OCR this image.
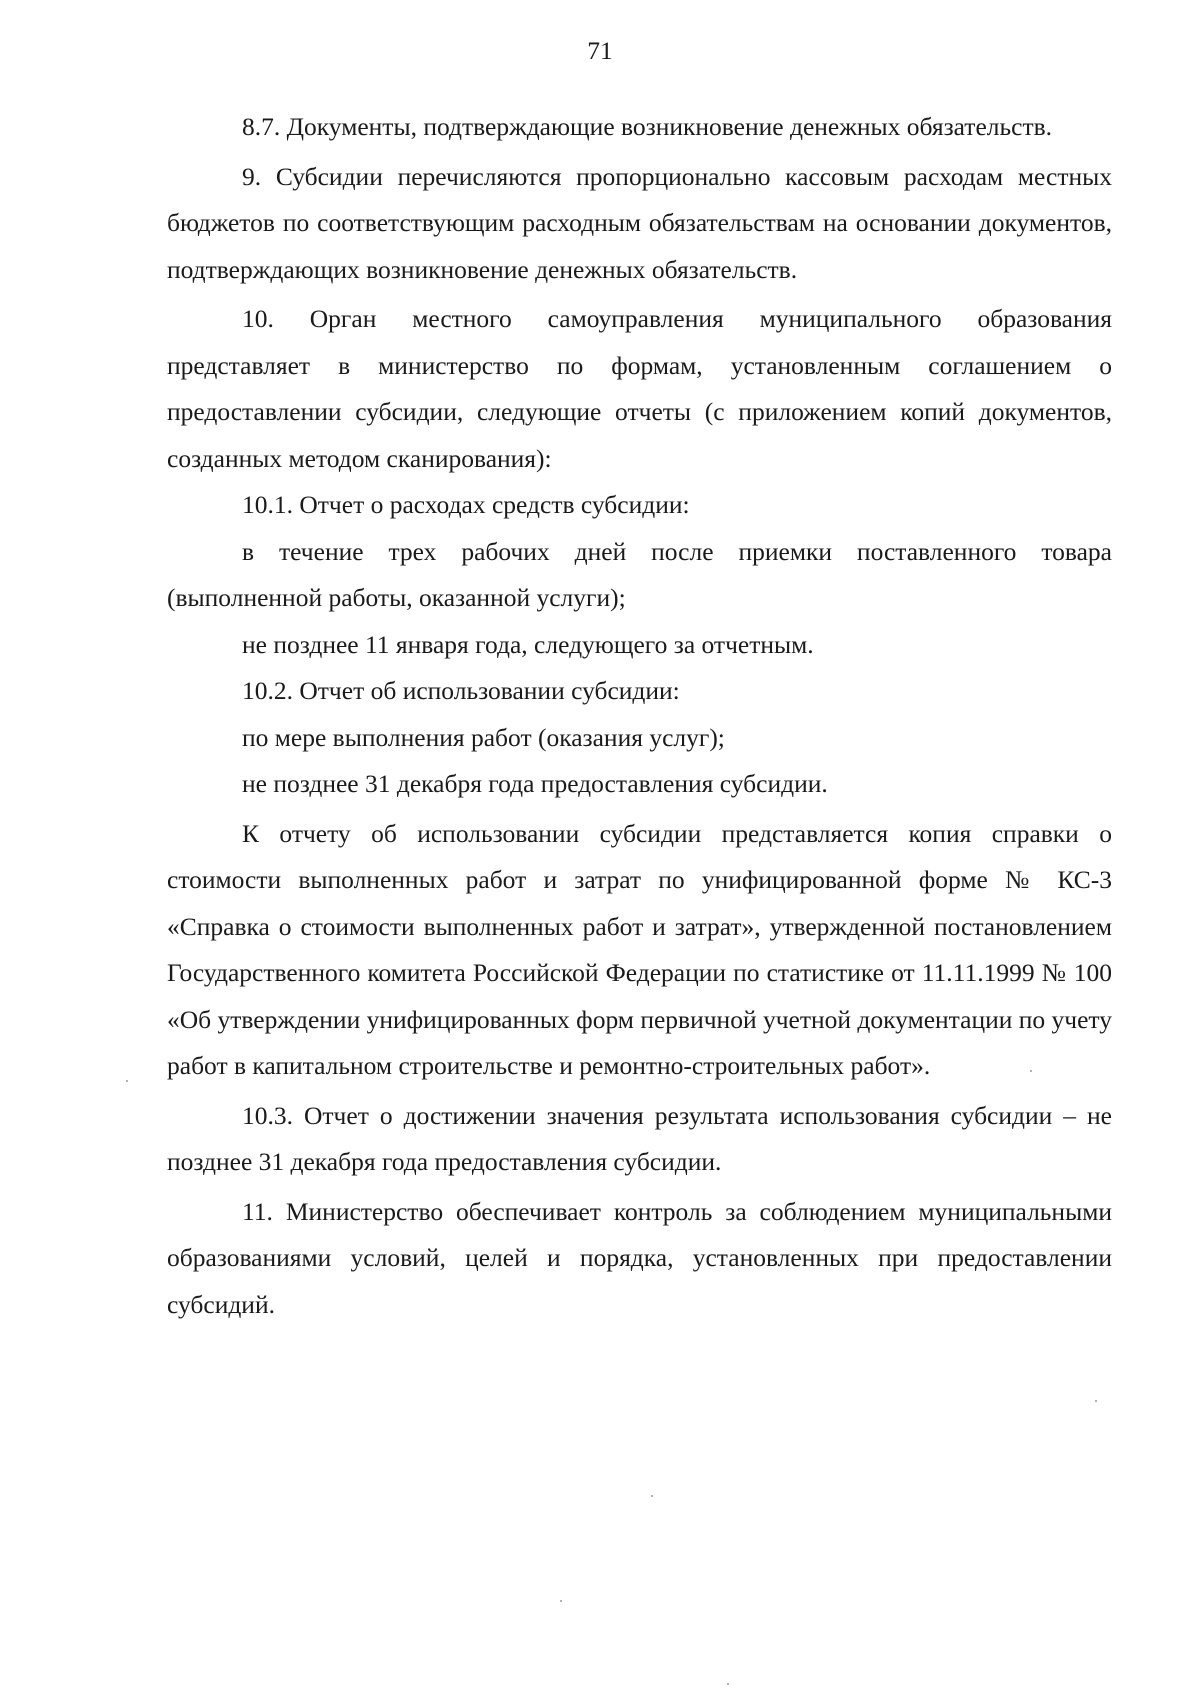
71

8.7. Документы, подтверждающие возникновение денежных обязательств.

9. Субсидии перечисляются пропорционально кассовым расходам местных бюджетов по соответствующим расходным обязательствам на основании документов, подтверждающих возникновение денежных обязательств.

10. Орган местного самоуправления муниципального образования представляет в министерство по формам, установленным соглашением о предоставлении субсидии, следующие отчеты (с приложением копий документов, созданных методом сканирования):

10.1. Отчет о расходах средств субсидии:

в течение трех рабочих дней после приемки поставленного товара (выполненной работы, оказанной услуги);

не позднее 11 января года, следующего за отчетным.

10.2. Отчет об использовании субсидии:

по мере выполнения работ (оказания услуг);

не позднее 31 декабря года предоставления субсидии.

К отчету об использовании субсидии представляется копия справки о стоимости выполненных работ и затрат по унифицированной форме № КС-3 «Справка о стоимости выполненных работ и затрат», утвержденной постановлением Государственного комитета Российской Федерации по статистике от 11.11.1999 № 100 «Об утверждении унифицированных форм первичной учетной документации по учету работ в капитальном строительстве и ремонтно-строительных работ».

10.3. Отчет о достижении значения результата использования субсидии – не позднее 31 декабря года предоставления субсидии.

11. Министерство обеспечивает контроль за соблюдением муниципальными образованиями условий, целей и порядка, установленных при предоставлении субсидий.
